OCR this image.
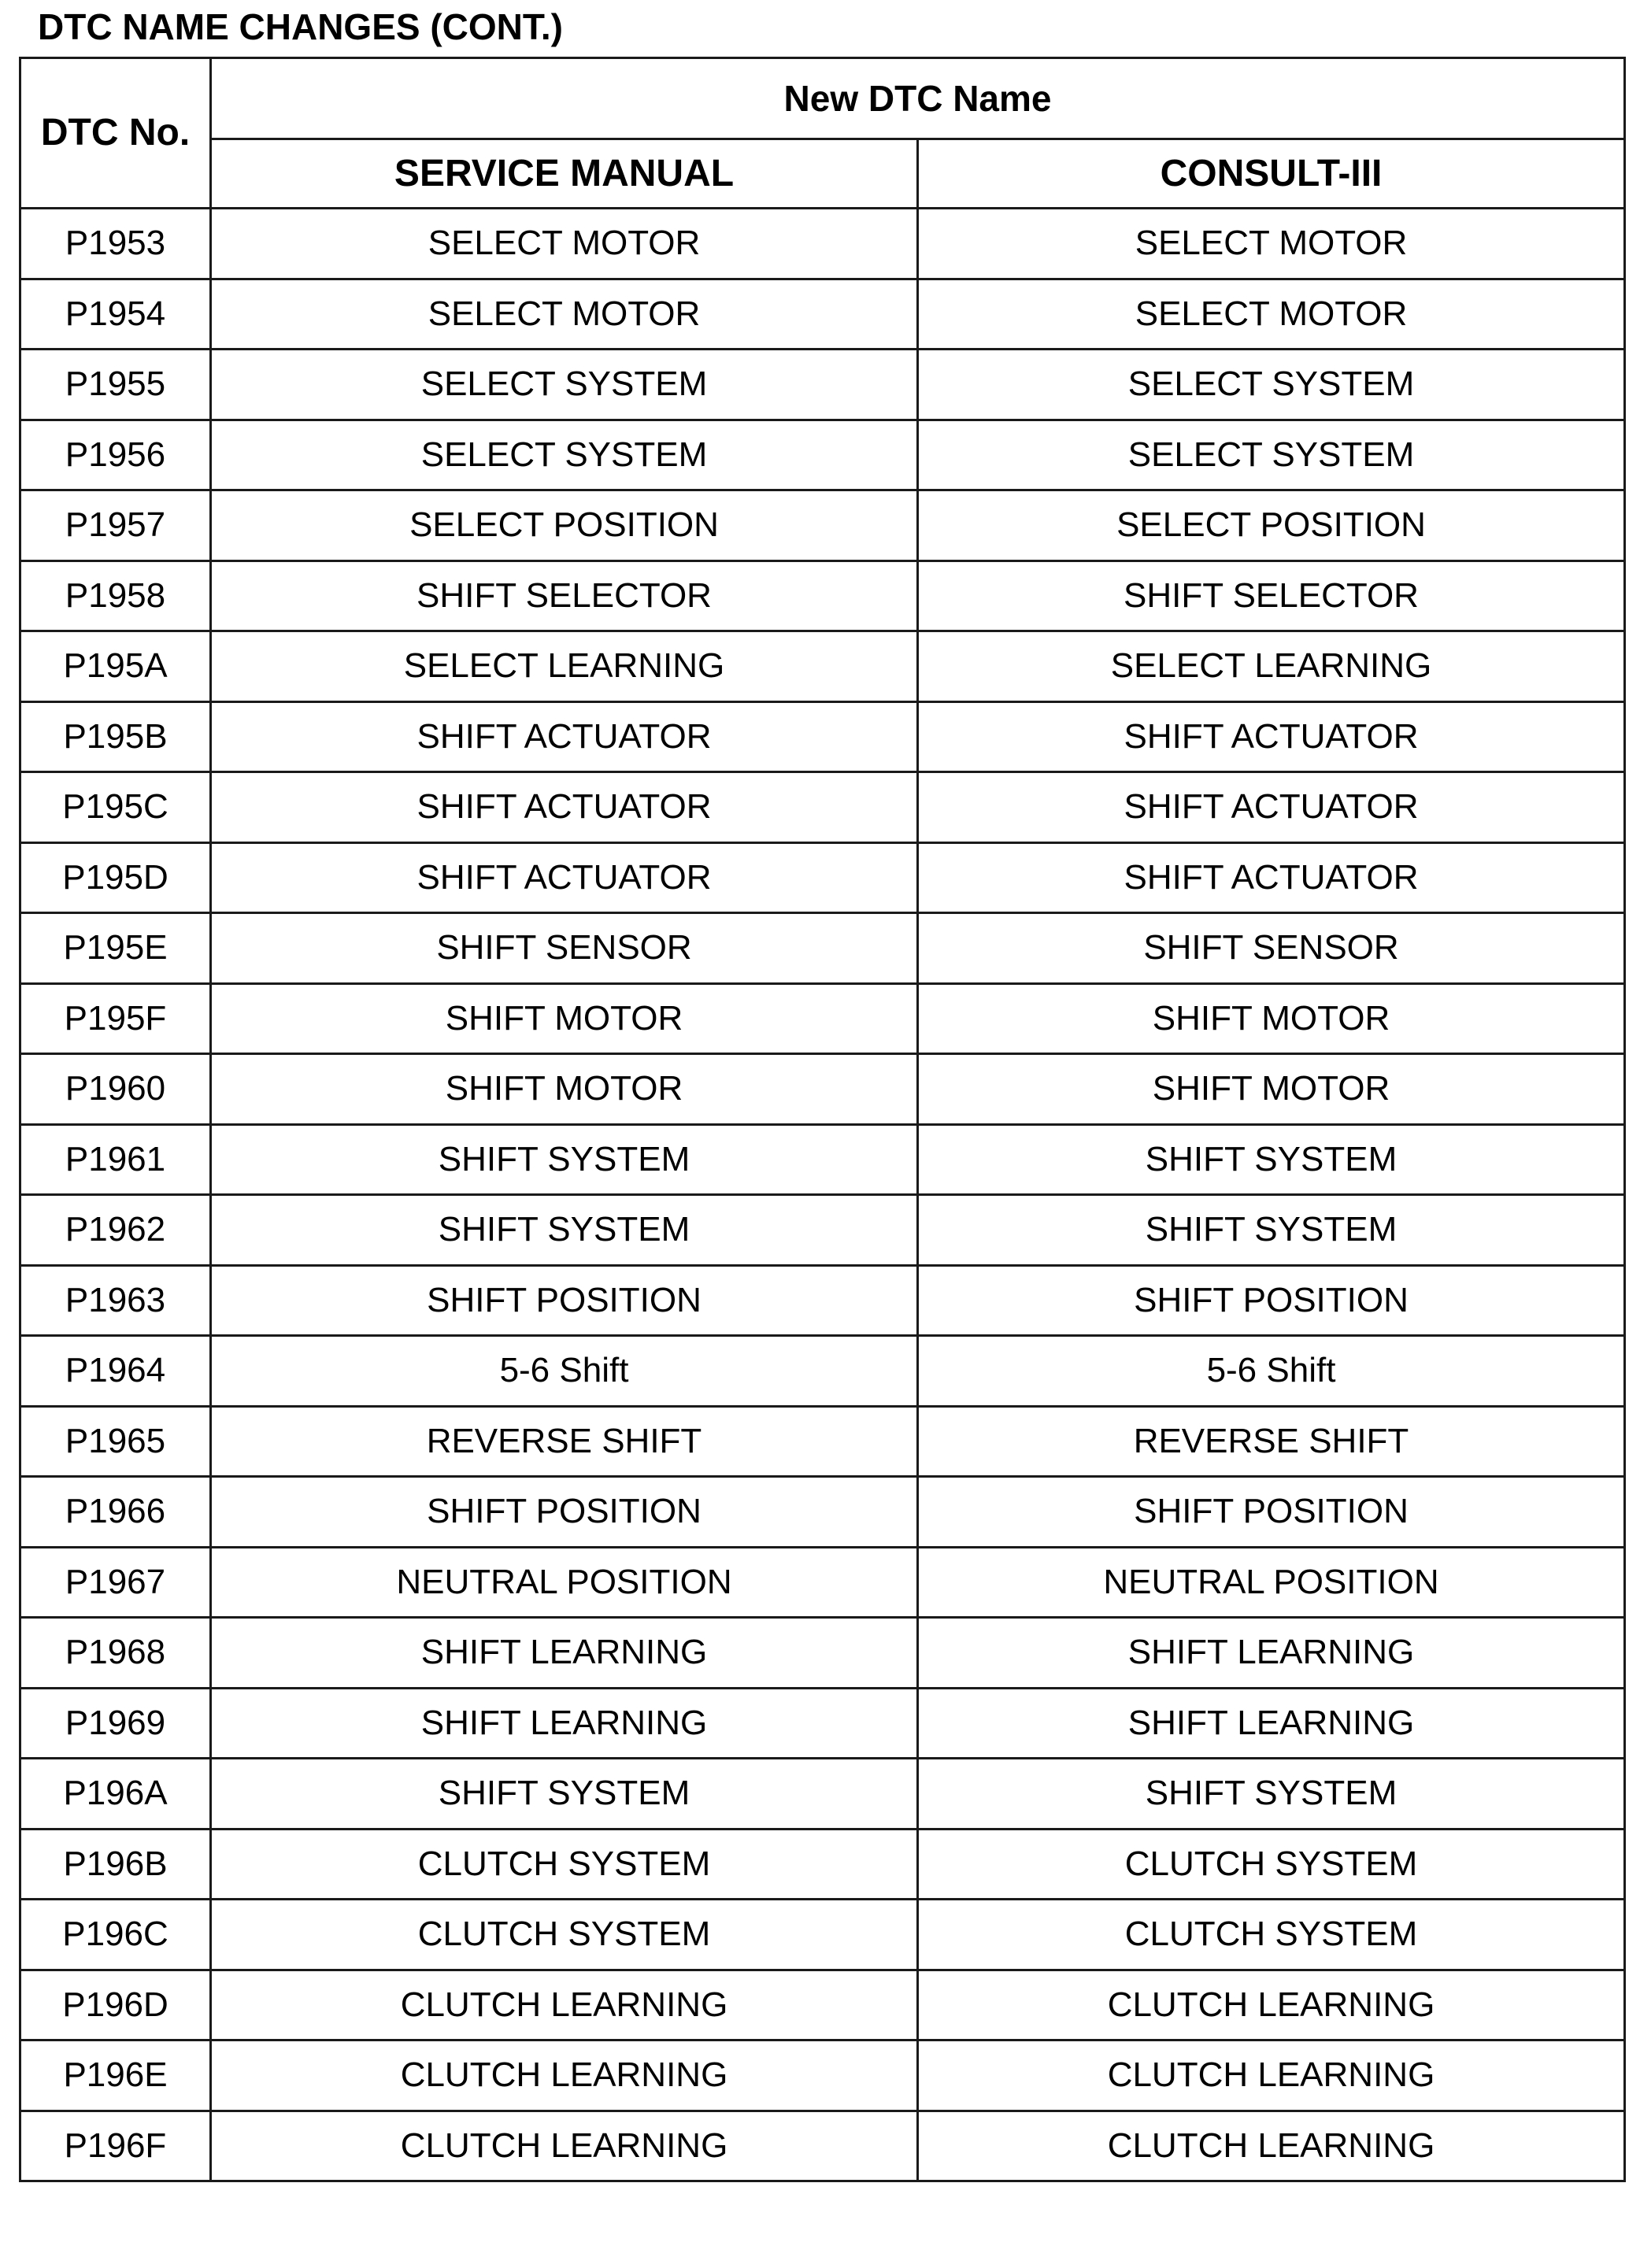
DTC NAME CHANGES (CONT.)
DTC No.	New DTC Name	
	SERVICE MANUAL	CONSULT-III
P1953	SELECT MOTOR	SELECT MOTOR
P1954	SELECT MOTOR	SELECT MOTOR
P1955	SELECT SYSTEM	SELECT SYSTEM
P1956	SELECT SYSTEM	SELECT SYSTEM
P1957	SELECT POSITION	SELECT POSITION
P1958	SHIFT SELECTOR	SHIFT SELECTOR
P195A	SELECT LEARNING	SELECT LEARNING
P195B	SHIFT ACTUATOR	SHIFT ACTUATOR
P195C	SHIFT ACTUATOR	SHIFT ACTUATOR
P195D	SHIFT ACTUATOR	SHIFT ACTUATOR
P195E	SHIFT SENSOR	SHIFT SENSOR
P195F	SHIFT MOTOR	SHIFT MOTOR
P1960	SHIFT MOTOR	SHIFT MOTOR
P1961	SHIFT SYSTEM	SHIFT SYSTEM
P1962	SHIFT SYSTEM	SHIFT SYSTEM
P1963	SHIFT POSITION	SHIFT POSITION
P1964	5-6 Shift	5-6 Shift
P1965	REVERSE SHIFT	REVERSE SHIFT
P1966	SHIFT POSITION	SHIFT POSITION
P1967	NEUTRAL POSITION	NEUTRAL POSITION
P1968	SHIFT LEARNING	SHIFT LEARNING
P1969	SHIFT LEARNING	SHIFT LEARNING
P196A	SHIFT SYSTEM	SHIFT SYSTEM
P196B	CLUTCH SYSTEM	CLUTCH SYSTEM
P196C	CLUTCH SYSTEM	CLUTCH SYSTEM
P196D	CLUTCH LEARNING	CLUTCH LEARNING
P196E	CLUTCH LEARNING	CLUTCH LEARNING
P196F	CLUTCH LEARNING	CLUTCH LEARNING
